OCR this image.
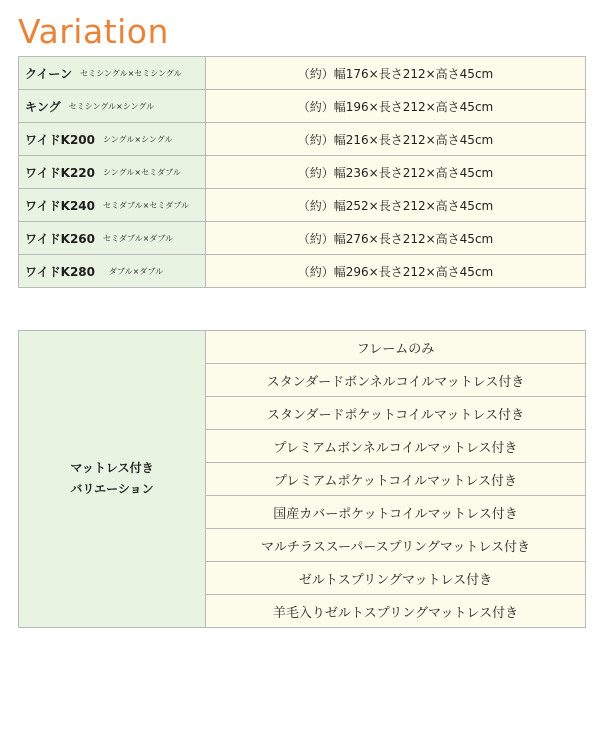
Variation
クイーン セミシングル×セミシングル	（約）幅176×長さ212×高さ45cm

キング セミシングル×シングル	（約）幅196×長さ212×高さ45cm

ワイドK200 シングル×シングル	（約）幅216×長さ212×高さ45cm

ワイドK220 シングル×セミダブル	（約）幅236×長さ212×高さ45cm

ワイドK240 セミダブル×セミダブル	（約）幅252×長さ212×高さ45cm

ワイドK260 セミダブル×ダブル	（約）幅276×長さ212×高さ45cm

ワイドK280 ダブル×ダブル	（約）幅296×長さ212×高さ45cm
マットレス付き
バリエーション
	フレームのみ
スタンダードボンネルコイルマットレス付き
スタンダードポケットコイルマットレス付き
プレミアムボンネルコイルマットレス付き
プレミアムポケットコイルマットレス付き
国産カバーポケットコイルマットレス付き
マルチラススーパースプリングマットレス付き
ゼルトスプリングマットレス付き
羊毛入りゼルトスプリングマットレス付き
